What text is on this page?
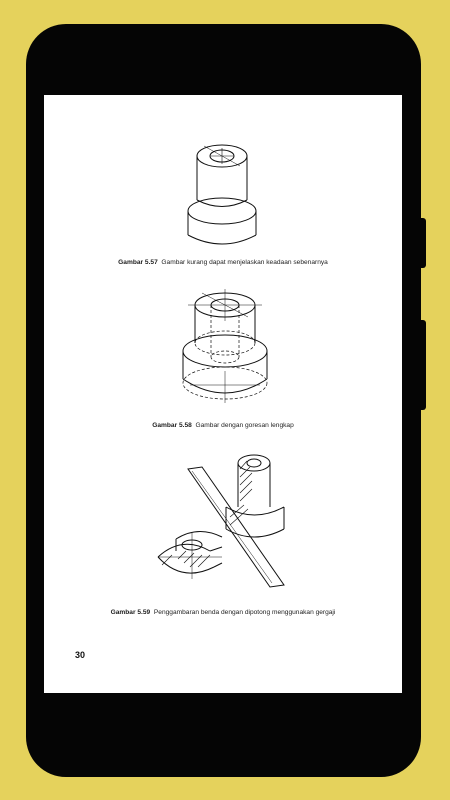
Gambar 5.57 Gambar kurang dapat menjelaskan keadaan sebenarnya
Gambar 5.58 Gambar dengan goresan lengkap
Gambar 5.59 Penggambaran benda dengan dipotong menggunakan gergaji
30
